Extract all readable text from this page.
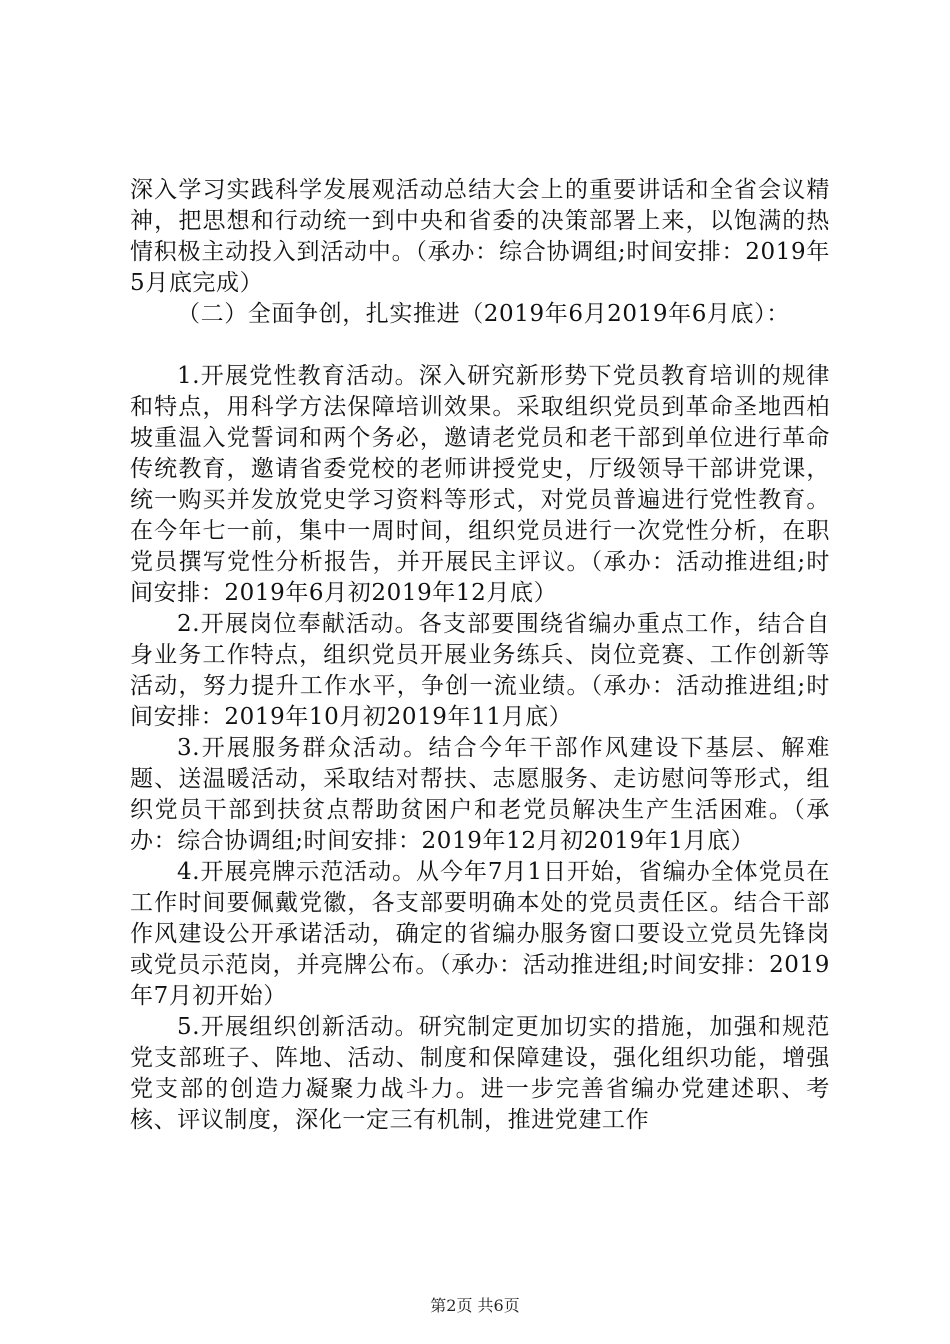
深入学习实践科学发展观活动总结大会上的重要讲话和全省会议精神，把思想和行动统一到中央和省委的决策部署上来，以饱满的热情积极主动投入到活动中。（承办：综合协调组;时间安排：2019年5月底完成）

（二）全面争创，扎实推进（2019年6月2019年6月底）：

1.开展党性教育活动。深入研究新形势下党员教育培训的规律和特点，用科学方法保障培训效果。采取组织党员到革命圣地西柏坡重温入党誓词和两个务必，邀请老党员和老干部到单位进行革命传统教育，邀请省委党校的老师讲授党史，厅级领导干部讲党课，统一购买并发放党史学习资料等形式，对党员普遍进行党性教育。在今年七一前，集中一周时间，组织党员进行一次党性分析，在职党员撰写党性分析报告，并开展民主评议。（承办：活动推进组;时间安排：2019年6月初2019年12月底）

2.开展岗位奉献活动。各支部要围绕省编办重点工作，结合自身业务工作特点，组织党员开展业务练兵、岗位竞赛、工作创新等活动，努力提升工作水平，争创一流业绩。（承办：活动推进组;时间安排：2019年10月初2019年11月底）

3.开展服务群众活动。结合今年干部作风建设下基层、解难题、送温暖活动，采取结对帮扶、志愿服务、走访慰问等形式，组织党员干部到扶贫点帮助贫困户和老党员解决生产生活困难。（承办：综合协调组;时间安排：2019年12月初2019年1月底）

4.开展亮牌示范活动。从今年7月1日开始，省编办全体党员在工作时间要佩戴党徽，各支部要明确本处的党员责任区。结合干部作风建设公开承诺活动，确定的省编办服务窗口要设立党员先锋岗或党员示范岗，并亮牌公布。（承办：活动推进组;时间安排：2019年7月初开始）

5.开展组织创新活动。研究制定更加切实的措施，加强和规范党支部班子、阵地、活动、制度和保障建设，强化组织功能，增强党支部的创造力凝聚力战斗力。进一步完善省编办党建述职、考核、评议制度，深化一定三有机制，推进党建工作

第2页 共6页
